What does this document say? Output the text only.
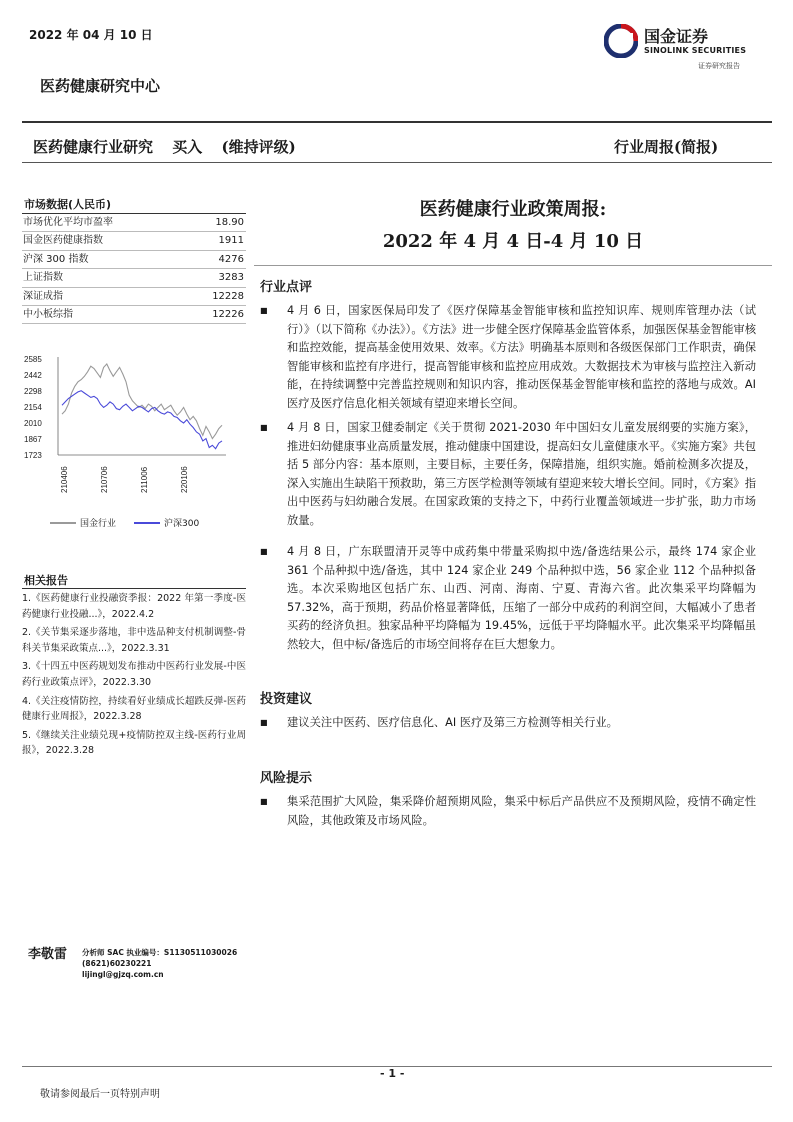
2022 年 04 月 10 日
医药健康研究中心
国金证券
SINOLINK SECURITIES
证券研究报告
医药健康行业研究 买入 (维持评级)	行业周报(简报)
市场数据(人民币)
市场优化平均市盈率	18.90
国金医药健康指数	1911
沪深 300 指数	4276
上证指数	3283
深证成指	12228
中小板综指	12226
2585
2442
2298
2154
2010
1867
1723
210406	210706	211006	220106
国金行业	沪深300
相关报告
1.《医药健康行业投融资季报：2022 年第一季度-医药健康行业投融...》，2022.4.2
2.《关节集采逐步落地，非中选品种支付机制调整-骨科关节集采政策点...》，2022.3.31
3.《十四五中医药规划发布推动中医药行业发展-中医药行业政策点评》，2022.3.30
4.《关注疫情防控，持续看好业绩成长超跌反弹-医药健康行业周报》，2022.3.28
5.《继续关注业绩兑现+疫情防控双主线-医药行业周报》，2022.3.28
医药健康行业政策周报:
2022 年 4 月 4 日-4 月 10 日
行业点评
■ 4 月 6 日，国家医保局印发了《医疗保障基金智能审核和监控知识库、规则库管理办法（试行）》（以下简称《办法》）。《方法》进一步健全医疗保障基金监管体系，加强医保基金智能审核和监控效能，提高基金使用效果、效率。《方法》明确基本原则和各级医保部门工作职责，确保智能审核和监控有序进行，提高智能审核和监控应用成效。大数据技术为审核与监控注入新动能，在持续调整中完善监控规则和知识内容，推动医保基金智能审核和监控的落地与成效。AI 医疗及医疗信息化相关领域有望迎来增长空间。
■ 4 月 8 日，国家卫健委制定《关于贯彻 2021-2030 年中国妇女儿童发展纲要的实施方案》，推进妇幼健康事业高质量发展，推动健康中国建设，提高妇女儿童健康水平。《实施方案》共包括 5 部分内容：基本原则，主要目标，主要任务，保障措施，组织实施。婚前检测多次提及，深入实施出生缺陷干预救助，第三方医学检测等领域有望迎来较大增长空间。同时，《方案》指出中医药与妇幼融合发展。在国家政策的支持之下，中药行业覆盖领域进一步扩张，助力市场放量。
■ 4 月 8 日，广东联盟清开灵等中成药集中带量采购拟中选/备选结果公示，最终 174 家企业 361 个品种拟中选/备选，其中 124 家企业 249 个品种拟中选，56 家企业 112 个品种拟备选。本次采购地区包括广东、山西、河南、海南、宁夏、青海六省。此次集采平均降幅为 57.32%，高于预期，药品价格显著降低，压缩了一部分中成药的利润空间，大幅减小了患者买药的经济负担。独家品种平均降幅为 19.45%，远低于平均降幅水平。此次集采平均降幅虽然较大，但中标/备选后的市场空间将存在巨大想象力。
投资建议
■ 建议关注中医药、医疗信息化、AI 医疗及第三方检测等相关行业。
风险提示
■ 集采范围扩大风险，集采降价超预期风险，集采中标后产品供应不及预期风险，疫情不确定性风险，其他政策及市场风险。
李敬雷 分析师 SAC 执业编号：S1130511030026
(8621)60230221
lijingl@gjzq.com.cn
- 1 -
敬请参阅最后一页特别声明
